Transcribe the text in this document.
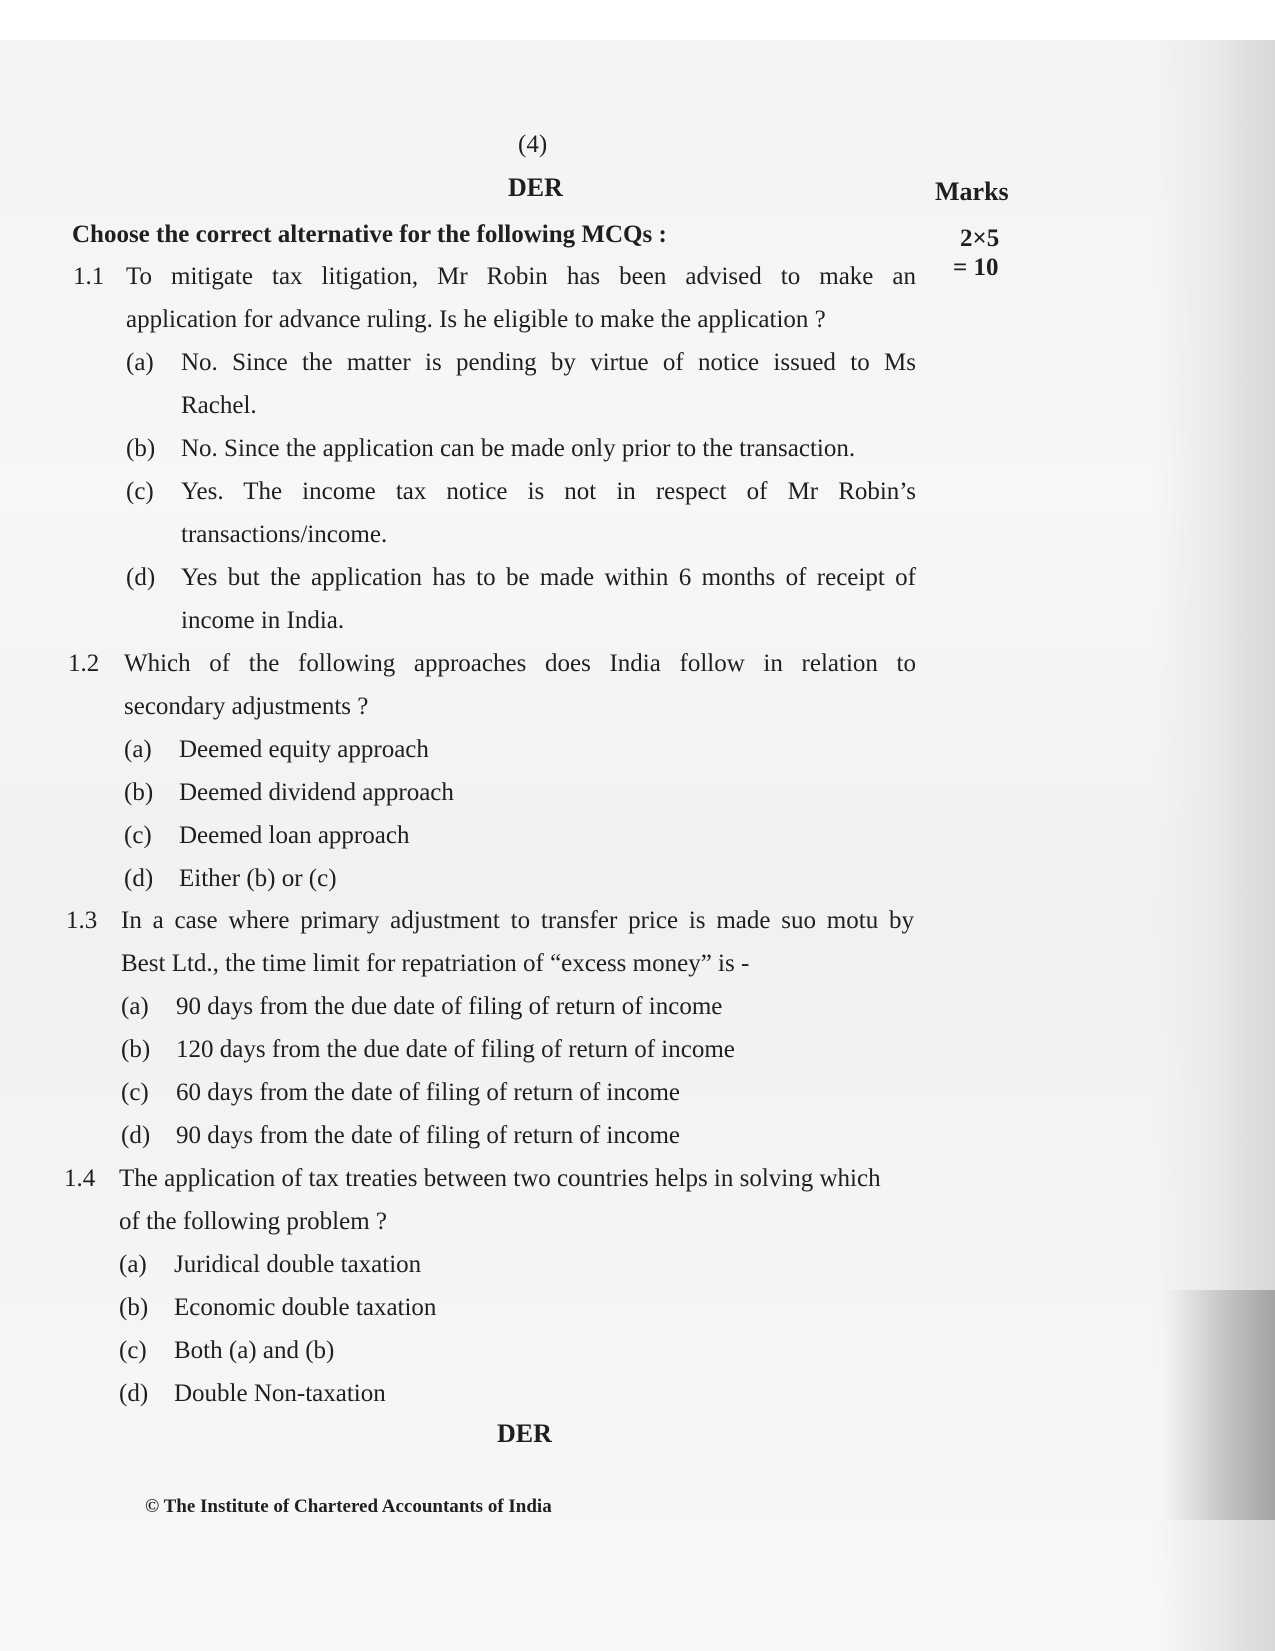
(4)
DER	Marks
Choose the correct alternative for the following MCQs :	2×5
= 10
1.1 To mitigate tax litigation, Mr Robin has been advised to make an
application for advance ruling. Is he eligible to make the application ?
(a) No. Since the matter is pending by virtue of notice issued to Ms
Rachel.
(b) No. Since the application can be made only prior to the transaction.
(c) Yes. The income tax notice is not in respect of Mr Robin’s
transactions/income.
(d) Yes but the application has to be made within 6 months of receipt of
income in India.
1.2 Which of the following approaches does India follow in relation to
secondary adjustments ?
(a) Deemed equity approach
(b) Deemed dividend approach
(c) Deemed loan approach
(d) Either (b) or (c)
1.3 In a case where primary adjustment to transfer price is made suo motu by
Best Ltd., the time limit for repatriation of “excess money” is -
(a) 90 days from the due date of filing of return of income
(b) 120 days from the due date of filing of return of income
(c) 60 days from the date of filing of return of income
(d) 90 days from the date of filing of return of income
1.4 The application of tax treaties between two countries helps in solving which
of the following problem ?
(a) Juridical double taxation
(b) Economic double taxation
(c) Both (a) and (b)
(d) Double Non-taxation
DER
© The Institute of Chartered Accountants of India
